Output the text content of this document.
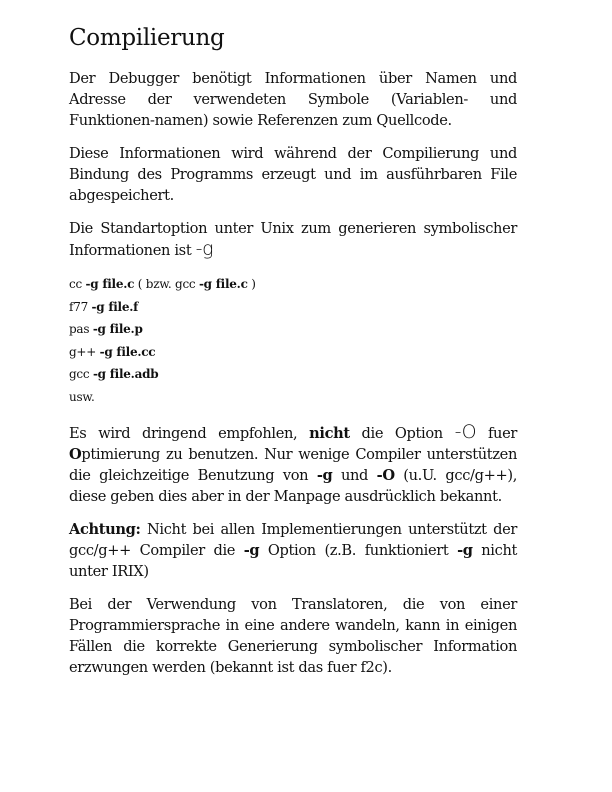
Compilierung

Der Debugger benötigt Informationen über Namen und Adresse der verwendeten Symbole (Variablen- und Funktionen-namen) sowie Referenzen zum Quellcode.

Diese Informationen wird während der Compilierung und Bindung des Programms erzeugt und im ausführbaren File abgespeichert.

Die Standartoption unter Unix zum generieren symbolischer Informationen ist -g

cc -g file.c ( bzw. gcc -g file.c )
f77 -g file.f
pas -g file.p
g++ -g file.cc
gcc -g file.adb
usw.

Es wird dringend empfohlen, nicht die Option -O fuer Optimierung zu benutzen. Nur wenige Compiler unterstützen die gleichzeitige Benutzung von -g und -O (u.U. gcc/g++), diese geben dies aber in der Manpage ausdrücklich bekannt.

Achtung: Nicht bei allen Implementierungen unterstützt der gcc/g++ Compiler die -g Option (z.B. funktioniert -g nicht unter IRIX)

Bei der Verwendung von Translatoren, die von einer Programmiersprache in eine andere wandeln, kann in einigen Fällen die korrekte Generierung symbolischer Information erzwungen werden (bekannt ist das fuer f2c).
